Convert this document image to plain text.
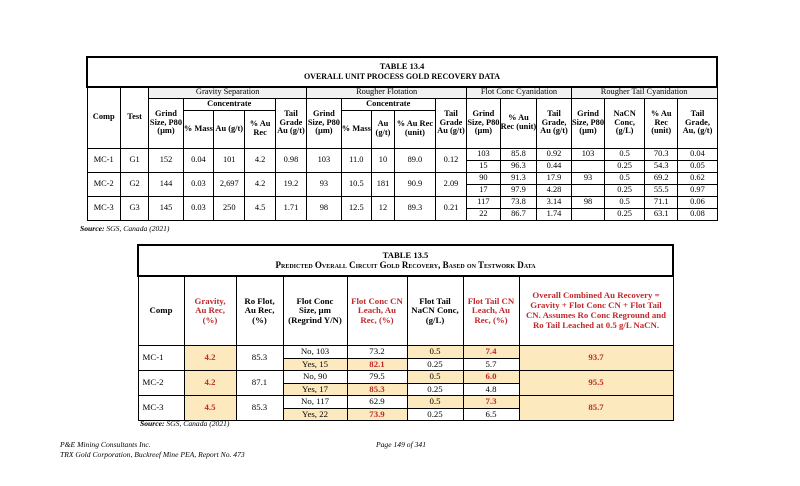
TABLE 13.4
OVERALL UNIT PROCESS GOLD RECOVERY DATA																		

Comp	Test	Gravity Separation					Rougher Flotation					Flot Conc Cyanidation			Rougher Tail Cyanidation			
		Grind Size, P80 (µm)	Concentrate			Tail Grade Au (g/t)	Grind Size, P80 (µm)	Concentrate			Tail Grade Au (g/t)	Grind Size, P80 (µm)	% Au Rec (unit)	Tail Grade, Au (g/t)	Grind Size, P80 (µm)	NaCN Conc, (g/L)	% Au Rec (unit)	Tail Grade, Au, (g/t)
			% Mass	Au (g/t)	% Au Rec			% Mass	Au (g/t)	% Au Rec (unit)								
MC-1	G1	152	0.04	101	4.2	0.98	103	11.0	10	89.0	0.12	103	85.8	0.92	103	0.5	70.3	0.04
												15	96.3	0.44		0.25	54.3	0.05
MC-2	G2	144	0.03	2,697	4.2	19.2	93	10.5	181	90.9	2.09	90	91.3	17.9	93	0.5	69.2	0.62
												17	97.9	4.28		0.25	55.5	0.97
MC-3	G3	145	0.03	250	4.5	1.71	98	12.5	12	89.3	0.21	117	73.8	3.14	98	0.5	71.1	0.06
												22	86.7	1.74		0.25	63.1	0.08
Source: SGS, Canada (2021)
TABLE 13.5
Predicted Overall Circuit Gold Recovery, Based on Testwork Data							

Comp	Gravity, Au Rec, (%)	Ro Flot, Au Rec, (%)	Flot Conc Size, µm (Regrind Y/N)	Flot Conc CN Leach, Au Rec, (%)	Flot Tail NaCN Conc, (g/L)	Flot Tail CN Leach, Au Rec, (%)	Overall Combined Au Recovery = Gravity + Flot Conc CN + Flot Tail CN. Assumes Ro Conc Reground and Ro Tail Leached at 0.5 g/L NaCN.
MC-1	4.2	85.3	No, 103	73.2	0.5	7.4	93.7
			Yes, 15	82.1	0.25	5.7	
MC-2	4.2	87.1	No, 90	79.5	0.5	6.0	95.5
			Yes, 17	85.3	0.25	4.8	
MC-3	4.5	85.3	No, 117	62.9	0.5	7.3	85.7
			Yes, 22	73.9	0.25	6.5	
Source: SGS, Canada (2021)
P&E Mining Consultants Inc.
TRX Gold Corporation, Buckreef Mine PEA, Report No. 473
Page 149 of 341
